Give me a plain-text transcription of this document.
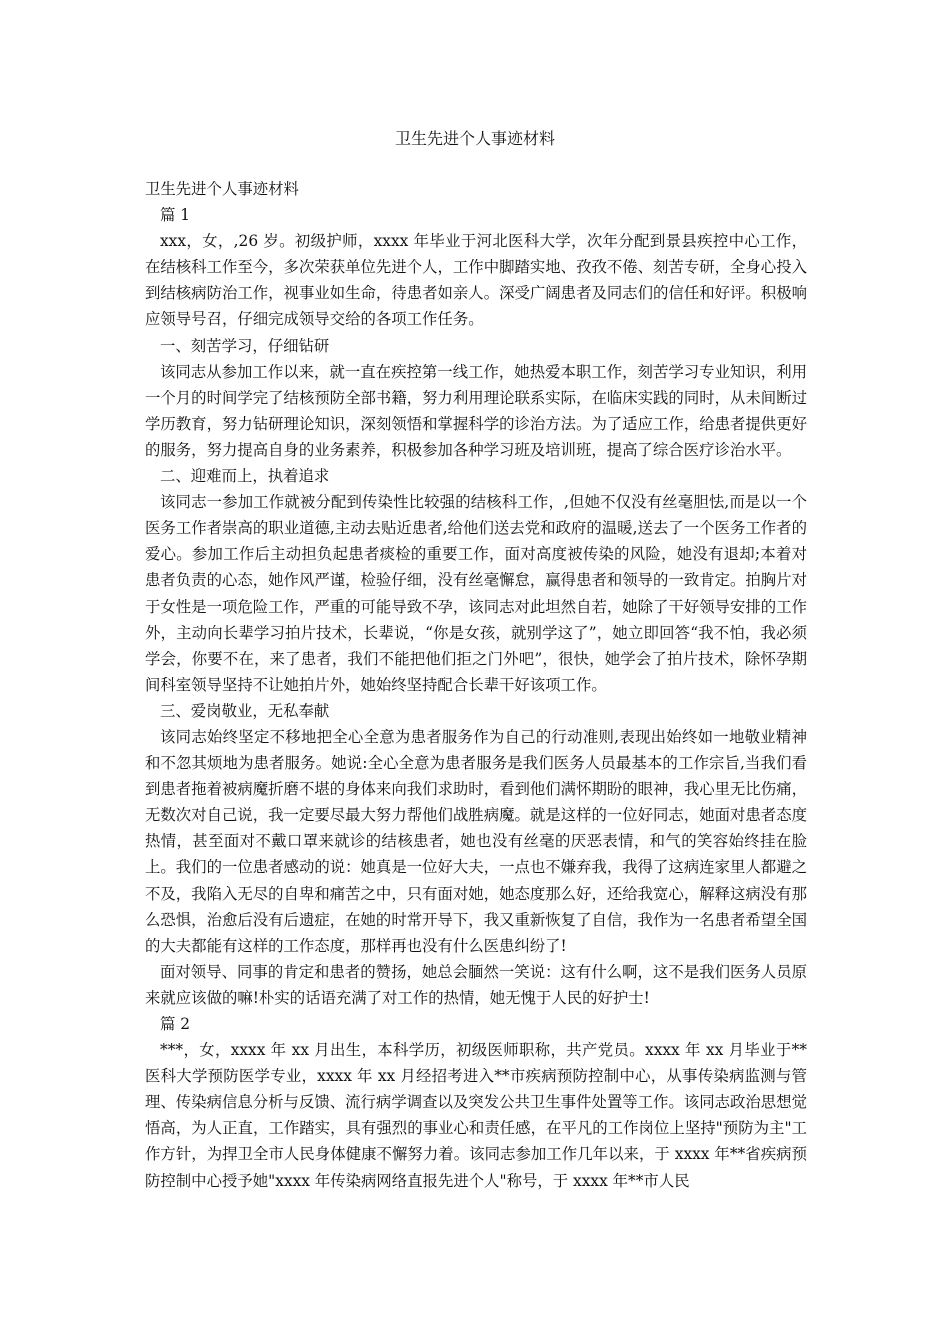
卫生先进个人事迹材料

卫生先进个人事迹材料

篇 1

xxx，女，,26 岁。初级护师，xxxx 年毕业于河北医科大学，次年分配到景县疾控中心工作，在结核科工作至今，多次荣获单位先进个人，工作中脚踏实地、孜孜不倦、刻苦专研，全身心投入到结核病防治工作，视事业如生命，待患者如亲人。深受广阔患者及同志们的信任和好评。积极响应领导号召，仔细完成领导交给的各项工作任务。

一、刻苦学习，仔细钻研

该同志从参加工作以来，就一直在疾控第一线工作，她热爱本职工作，刻苦学习专业知识，利用一个月的时间学完了结核预防全部书籍，努力利用理论联系实际，在临床实践的同时，从未间断过学历教育，努力钻研理论知识，深刻领悟和掌握科学的诊治方法。为了适应工作，给患者提供更好的服务，努力提高自身的业务素养，积极参加各种学习班及培训班，提高了综合医疗诊治水平。

二、迎难而上，执着追求

该同志一参加工作就被分配到传染性比较强的结核科工作，,但她不仅没有丝毫胆怯,而是以一个医务工作者崇高的职业道德,主动去贴近患者,给他们送去党和政府的温暖,送去了一个医务工作者的爱心。参加工作后主动担负起患者痰检的重要工作，面对高度被传染的风险，她没有退却;本着对患者负责的心态，她作风严谨，检验仔细，没有丝毫懈怠，赢得患者和领导的一致肯定。拍胸片对于女性是一项危险工作，严重的可能导致不孕，该同志对此坦然自若，她除了干好领导安排的工作外，主动向长辈学习拍片技术，长辈说，“你是女孩，就别学这了”，她立即回答“我不怕，我必须学会，你要不在，来了患者，我们不能把他们拒之门外吧”，很快，她学会了拍片技术，除怀孕期间科室领导坚持不让她拍片外，她始终坚持配合长辈干好该项工作。

三、爱岗敬业，无私奉献

该同志始终坚定不移地把全心全意为患者服务作为自己的行动准则,表现出始终如一地敬业精神和不忽其烦地为患者服务。她说:全心全意为患者服务是我们医务人员最基本的工作宗旨,当我们看到患者拖着被病魔折磨不堪的身体来向我们求助时，看到他们满怀期盼的眼神，我心里无比伤痛，无数次对自己说，我一定要尽最大努力帮他们战胜病魔。就是这样的一位好同志，她面对患者态度热情，甚至面对不戴口罩来就诊的结核患者，她也没有丝毫的厌恶表情，和气的笑容始终挂在脸上。我们的一位患者感动的说：她真是一位好大夫，一点也不嫌弃我，我得了这病连家里人都避之不及，我陷入无尽的自卑和痛苦之中，只有面对她，她态度那么好，还给我宽心，解释这病没有那么恐惧，治愈后没有后遗症，在她的时常开导下，我又重新恢复了自信，我作为一名患者希望全国的大夫都能有这样的工作态度，那样再也没有什么医患纠纷了!

面对领导、同事的肯定和患者的赞扬，她总会腼然一笑说：这有什么啊，这不是我们医务人员原来就应该做的嘛!朴实的话语充满了对工作的热情，她无愧于人民的好护士!

篇 2

***，女，xxxx 年 xx 月出生，本科学历，初级医师职称，共产党员。xxxx 年 xx 月毕业于**医科大学预防医学专业，xxxx 年 xx 月经招考进入**市疾病预防控制中心，从事传染病监测与管理、传染病信息分析与反馈、流行病学调查以及突发公共卫生事件处置等工作。该同志政治思想觉悟高，为人正直，工作踏实，具有强烈的事业心和责任感，在平凡的工作岗位上坚持"预防为主"工作方针，为捍卫全市人民身体健康不懈努力着。该同志参加工作几年以来，于 xxxx 年**省疾病预防控制中心授予她"xxxx 年传染病网络直报先进个人"称号，于 xxxx 年**市人民
